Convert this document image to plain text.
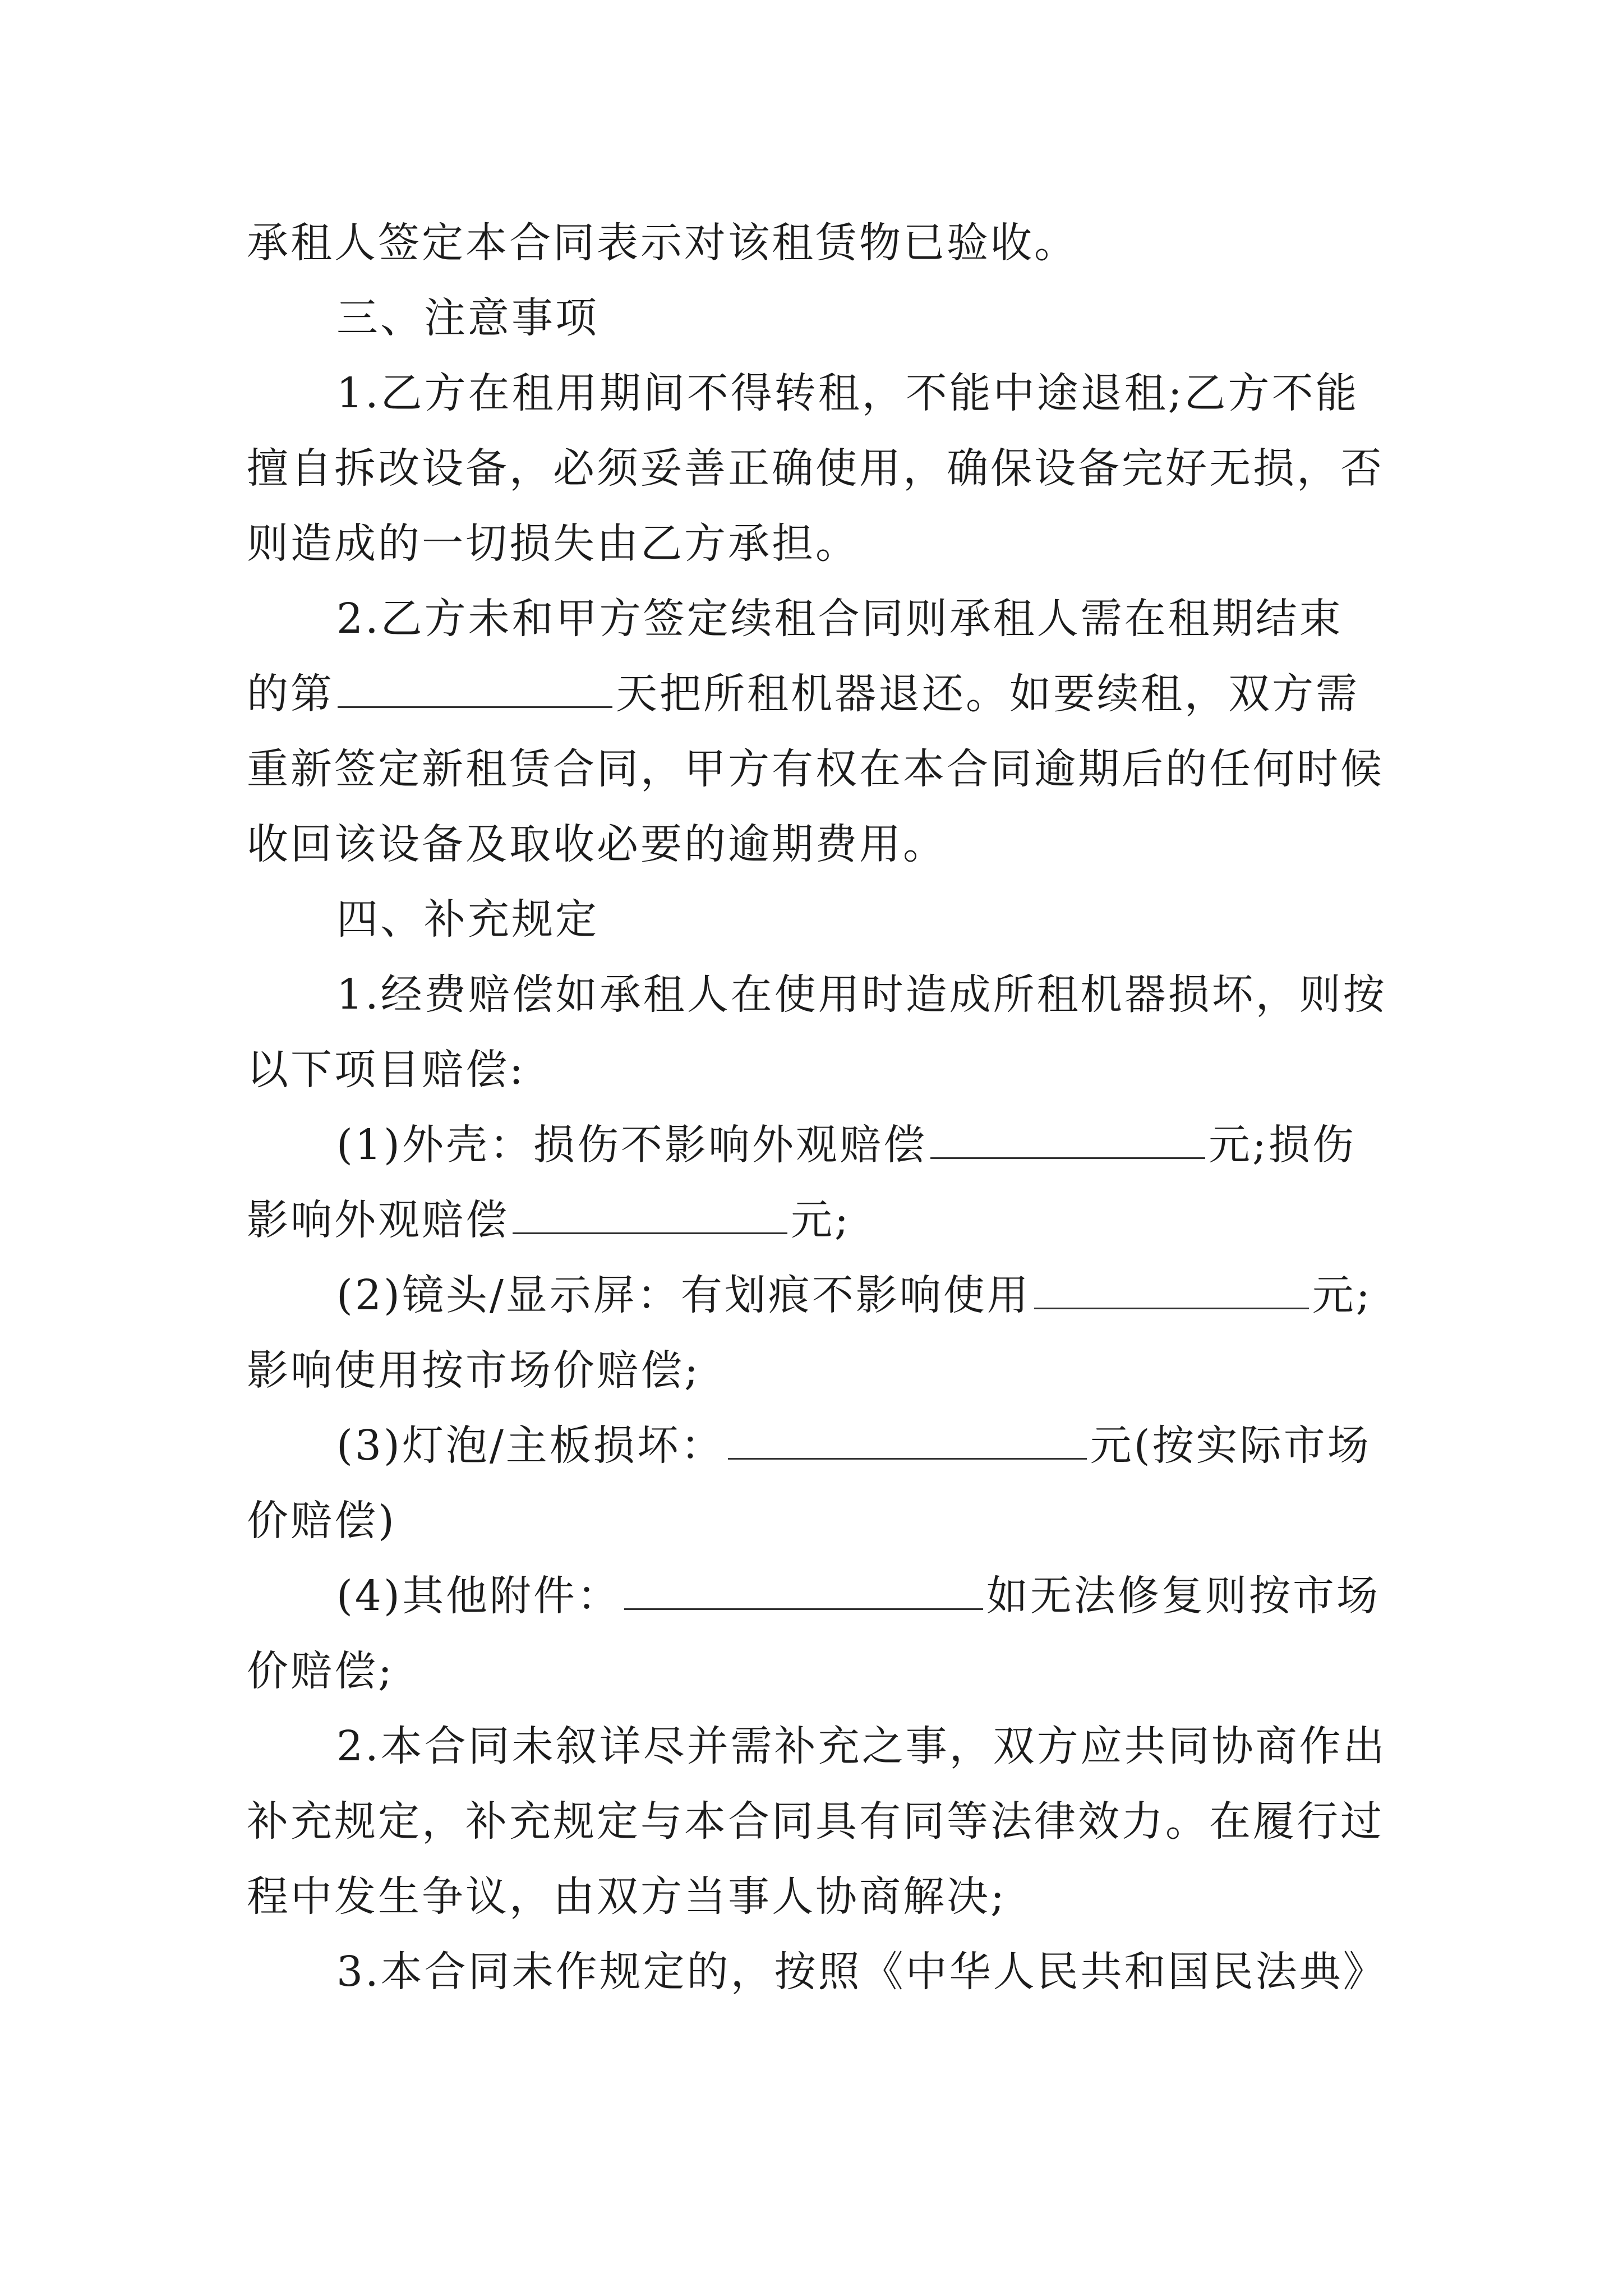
承租人签定本合同表示对该租赁物已验收。
三、注意事项
1.乙方在租用期间不得转租，不能中途退租;乙方不能
擅自拆改设备，必须妥善正确使用，确保设备完好无损，否
则造成的一切损失由乙方承担。
2.乙方未和甲方签定续租合同则承租人需在租期结束
的第	天把所租机器退还。如要续租，双方需
重新签定新租赁合同，甲方有权在本合同逾期后的任何时候
收回该设备及取收必要的逾期费用。
四、补充规定
1.经费赔偿如承租人在使用时造成所租机器损坏，则按
以下项目赔偿:
(1)外壳：损伤不影响外观赔偿	元;损伤
影响外观赔偿	元;
(2)镜头/显示屏：有划痕不影响使用	元;
影响使用按市场价赔偿;
(3)灯泡/主板损坏：	元(按实际市场
价赔偿)
(4)其他附件：	如无法修复则按市场
价赔偿;
2.本合同未叙详尽并需补充之事，双方应共同协商作出
补充规定，补充规定与本合同具有同等法律效力。在履行过
程中发生争议，由双方当事人协商解决;
3.本合同未作规定的，按照《中华人民共和国民法典》
